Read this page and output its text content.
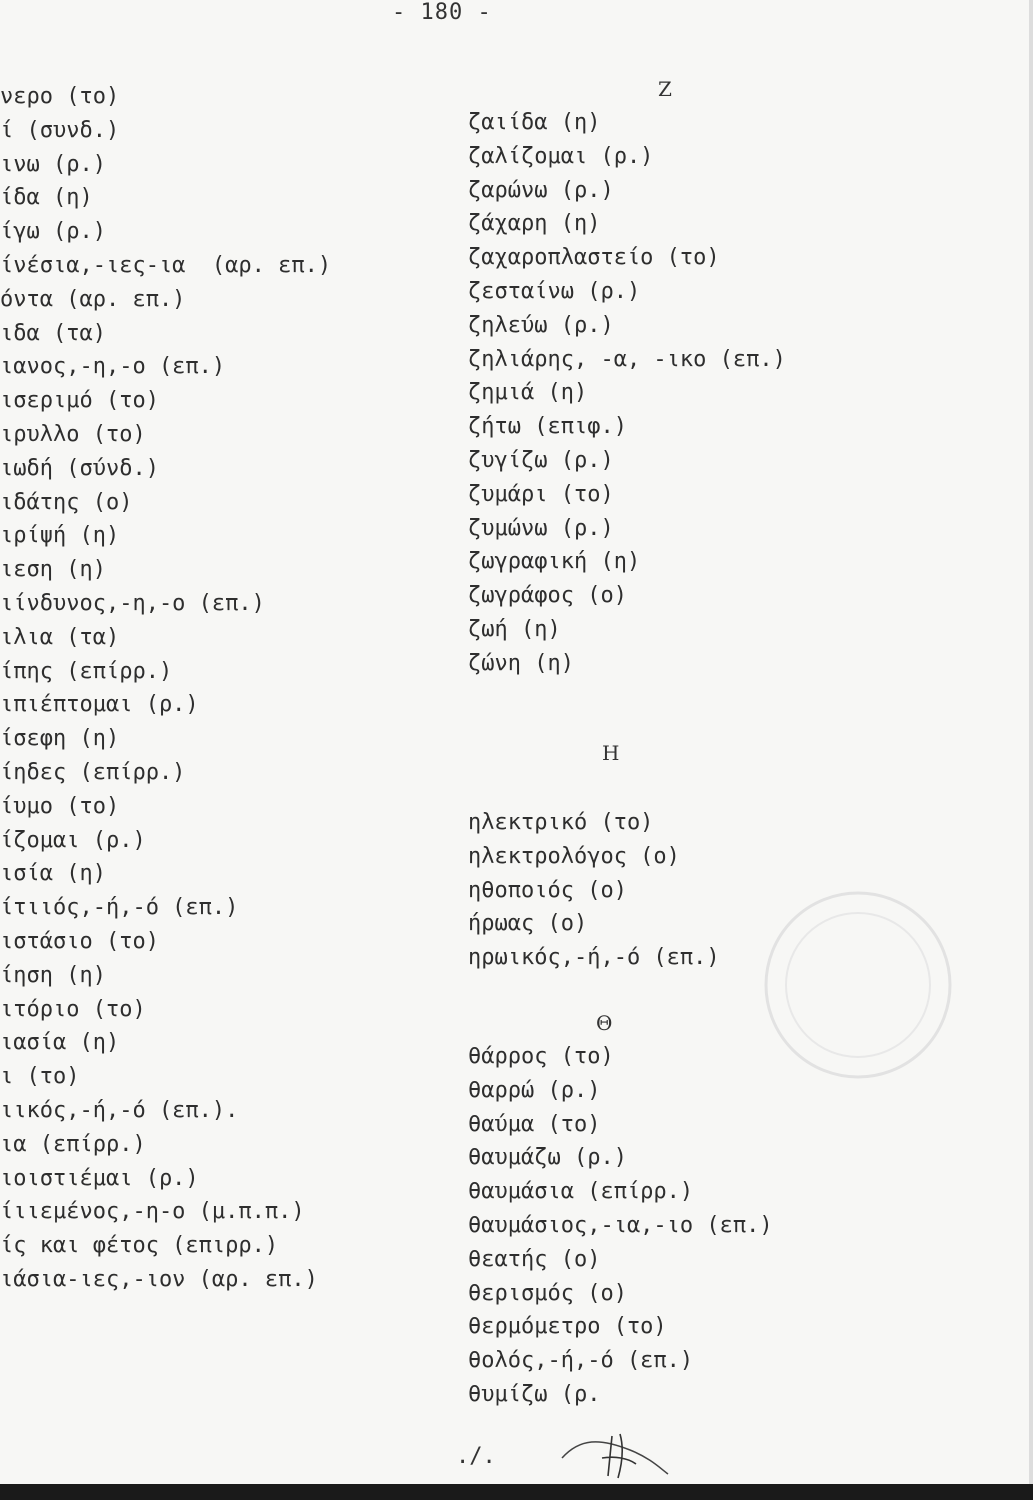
- 180 -
νερο (το)
ί (συνδ.)
ινω (ρ.)
ίδα (η)
ίγω (ρ.)
ίνέσια,-ιες-ια  (αρ. επ.)
όντα (αρ. επ.)
ιδα (τα)
ιανος,-η,-ο (επ.)
ισεριμό (το)
ιρυλλο (το)
ιωδή (σύνδ.)
ιδάτης (ο)
ιρίψή (η)
ιεση (η)
ιίνδυνος,-η,-ο (επ.)
ιλια (τα)
ίπης (επίρρ.)
ιπιέπτομαι (ρ.)
ίσεφη (η)
ίηδες (επίρρ.)
ίυμο (το)
ίζομαι (ρ.)
ισία (η)
ίτιιός,-ή,-ό (επ.)
ιστάσιο (το)
ίηση (η)
ιτόριο (το)
ιασία (η)
ι (το)
ιικός,-ή,-ό (επ.).
ια (επίρρ.)
ιοιστιέμαι (ρ.)
ίιιεμένος,-η-ο (μ.π.π.)
ίς και φέτος (επιρρ.)
ιάσια-ιες,-ιον (αρ. επ.)
Ζ
ζαιίδα (η)
ζαλίζομαι (ρ.)
ζαρώνω (ρ.)
ζάχαρη (η)
ζαχαροπλαστείο (το)
ζεσταίνω (ρ.)
ζηλεύω (ρ.)
ζηλιάρης, -α, -ικο (επ.)
ζημιά (η)
ζήτω (επιφ.)
ζυγίζω (ρ.)
ζυμάρι (το)
ζυμώνω (ρ.)
ζωγραφική (η)
ζωγράφος (ο)
ζωή (η)
ζώνη (η)
Η
ηλεκτρικό (το)
ηλεκτρολόγος (ο)
ηθοποιός (ο)
ήρωας (ο)
ηρωικός,-ή,-ό (επ.)
Θ
θάρρος (το)
θαρρώ (ρ.)
θαύμα (το)
θαυμάζω (ρ.)
θαυμάσια (επίρρ.)
θαυμάσιος,-ια,-ιο (επ.)
θεατής (ο)
θερισμός (ο)
θερμόμετρο (το)
θολός,-ή,-ό (επ.)
θυμίζω (ρ.
./.
